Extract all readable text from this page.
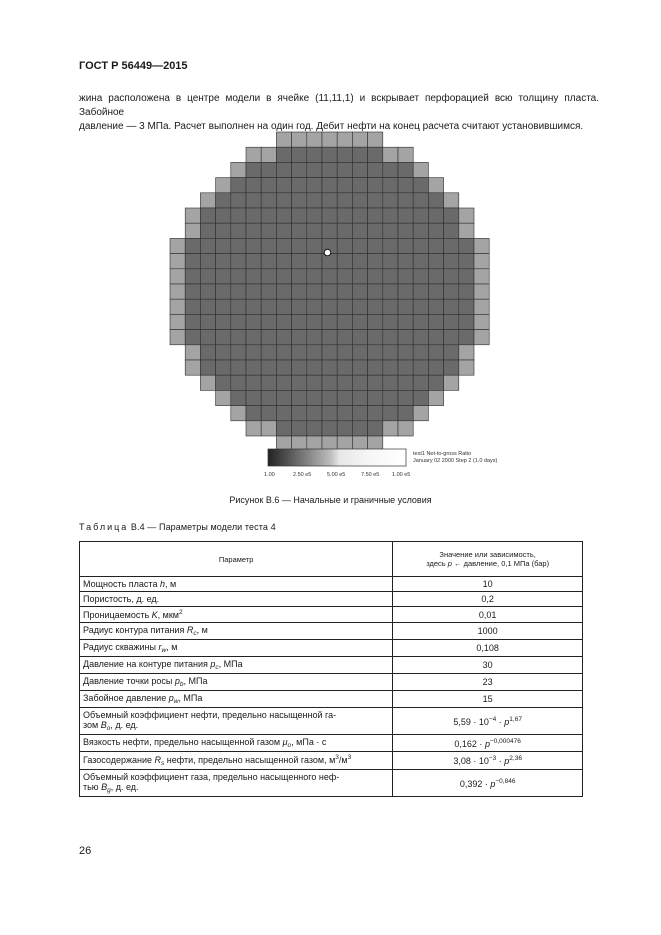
ГОСТ Р 56449—2015
жина расположена в центре модели в ячейке (11,11,1) и вскрывает перфорацией всю толщину пласта. Забойное
давление — 3 МПа. Расчет выполнен на один год. Дебит нефти на конец расчета считают установившимся.
1.00	2.50 e5	5.00 e5	7.50 e5 1.00 e5
test1 Net-to-gross Ratio
January 02 2000 Step 2 (1.0 days)
Рисунок В.6 — Начальные и граничные условия
Таблица В.4 — Параметры модели теста 4
Параметр	Значение или зависимость,
здесь p ← давление, 0,1 МПа (бар)
Мощность пласта h, м	10
Пористость, д. ед.	0,2
Проницаемость K, мкм$^2$	0,01
Радиус контура питания $R_c$, м	1000
Радиус скважины $r_w$, м	0,108
Давление на контуре питания $p_c$, МПа	30
Давление точки росы $p_b$, МПа	23
Забойное давление $p_w$, МПа	15

Объемный коэффициент нефти, предельно насыщенной га-
зом $B_o$, д. ед.	$5,59 \cdot 10^{-4} \cdot p^{1,67}$
Вязкость нефти, предельно насыщенной газом $\mu_o$, мПа · с	$0,162 \cdot p^{-0,000476}$
Газосодержание $R_s$ нефти, предельно насыщенной газом, $м^3/м^3$	$3,08 \cdot 10^{-3} \cdot p^{2,36}$

Объемный коэффициент газа, предельно насыщенного неф-
тью $B_g$, д. ед.	$0,392 \cdot p^{-0,846}$
26
